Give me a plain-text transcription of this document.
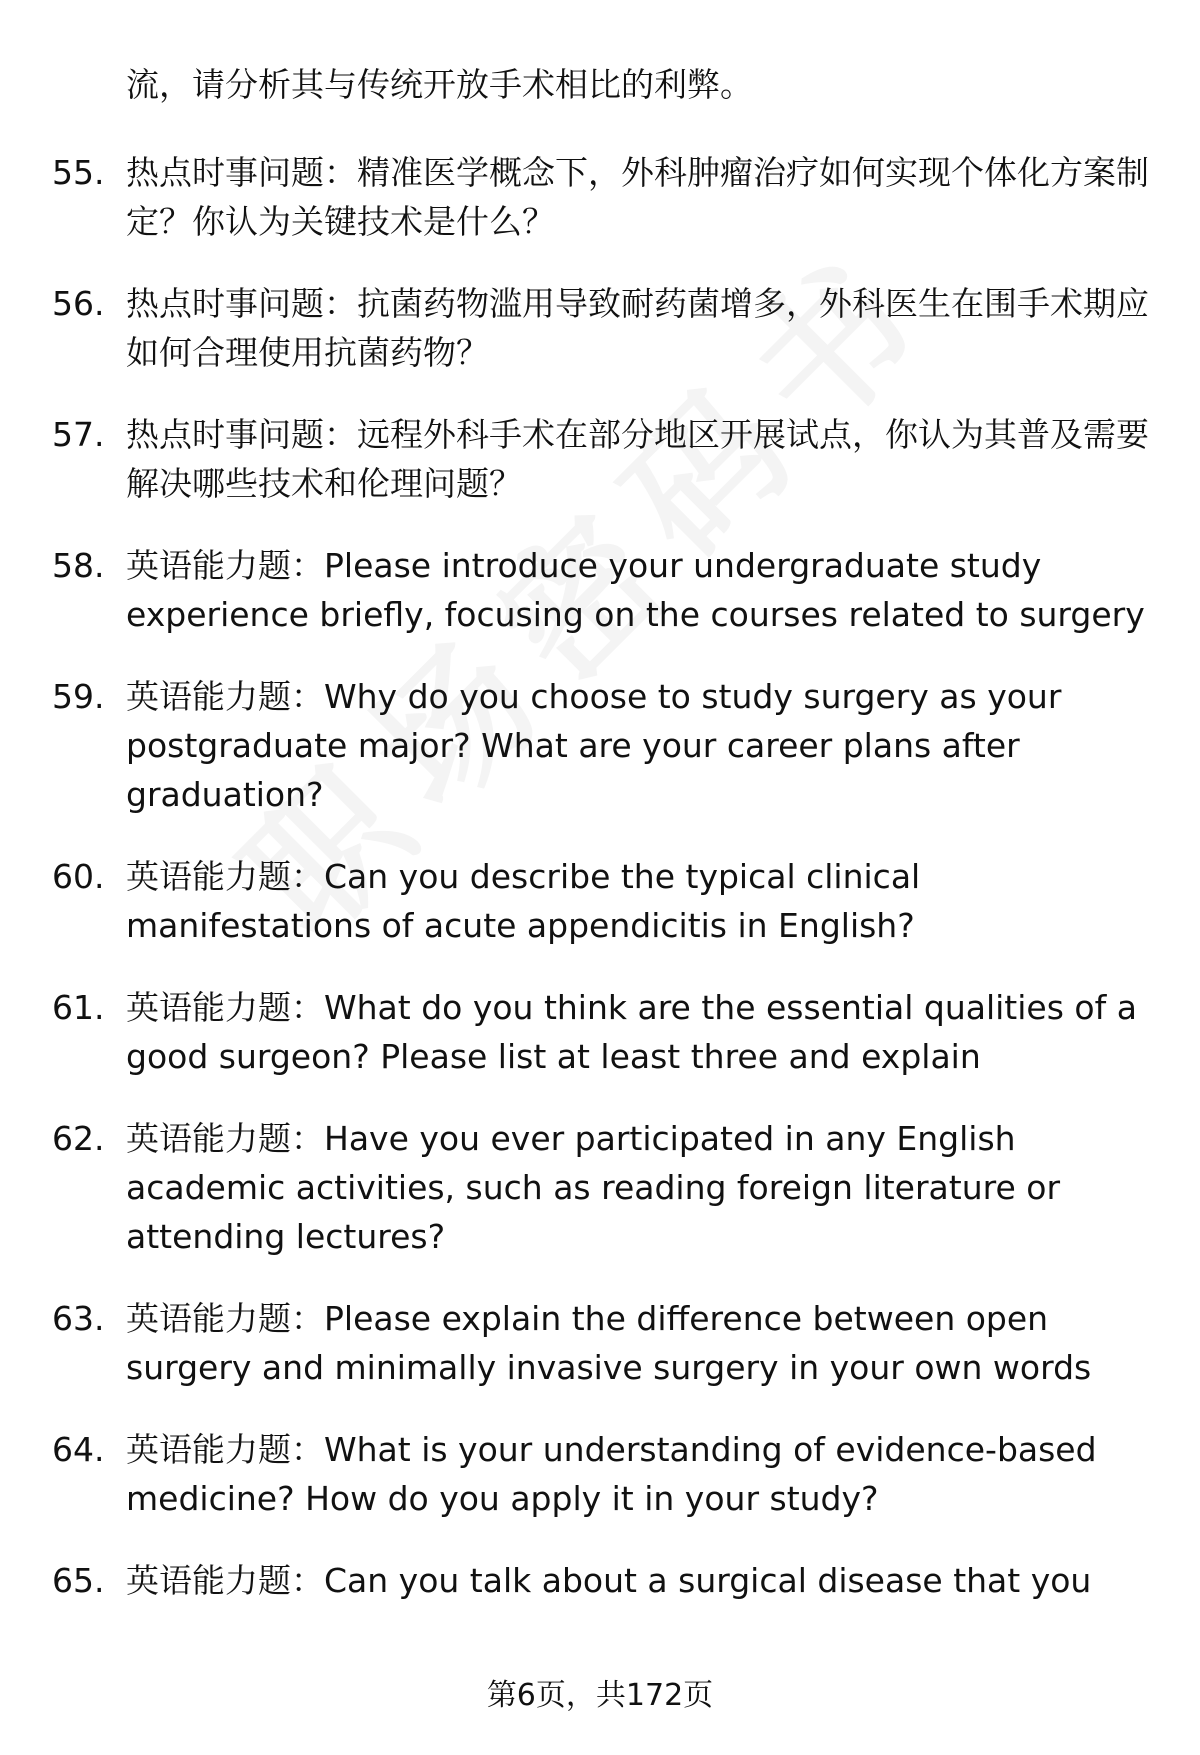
流，请分析其与传统开放手术相比的利弊。
55. 热点时事问题：精准医学概念下，外科肿瘤治疗如何实现个体化方案制定？你认为关键技术是什么？
56. 热点时事问题：抗菌药物滥用导致耐药菌增多，外科医生在围手术期应如何合理使用抗菌药物？
57. 热点时事问题：远程外科手术在部分地区开展试点，你认为其普及需要解决哪些技术和伦理问题？
58. 英语能力题：Please introduce your undergraduate study experience briefly, focusing on the courses related to surgery
59. 英语能力题：Why do you choose to study surgery as your postgraduate major? What are your career plans after graduation?
60. 英语能力题：Can you describe the typical clinical manifestations of acute appendicitis in English?
61. 英语能力题：What do you think are the essential qualities of a good surgeon? Please list at least three and explain
62. 英语能力题：Have you ever participated in any English academic activities, such as reading foreign literature or attending lectures?
63. 英语能力题：Please explain the difference between open surgery and minimally invasive surgery in your own words
64. 英语能力题：What is your understanding of evidence-based medicine? How do you apply it in your study?
65. 英语能力题：Can you talk about a surgical disease that you
第6页，共172页
